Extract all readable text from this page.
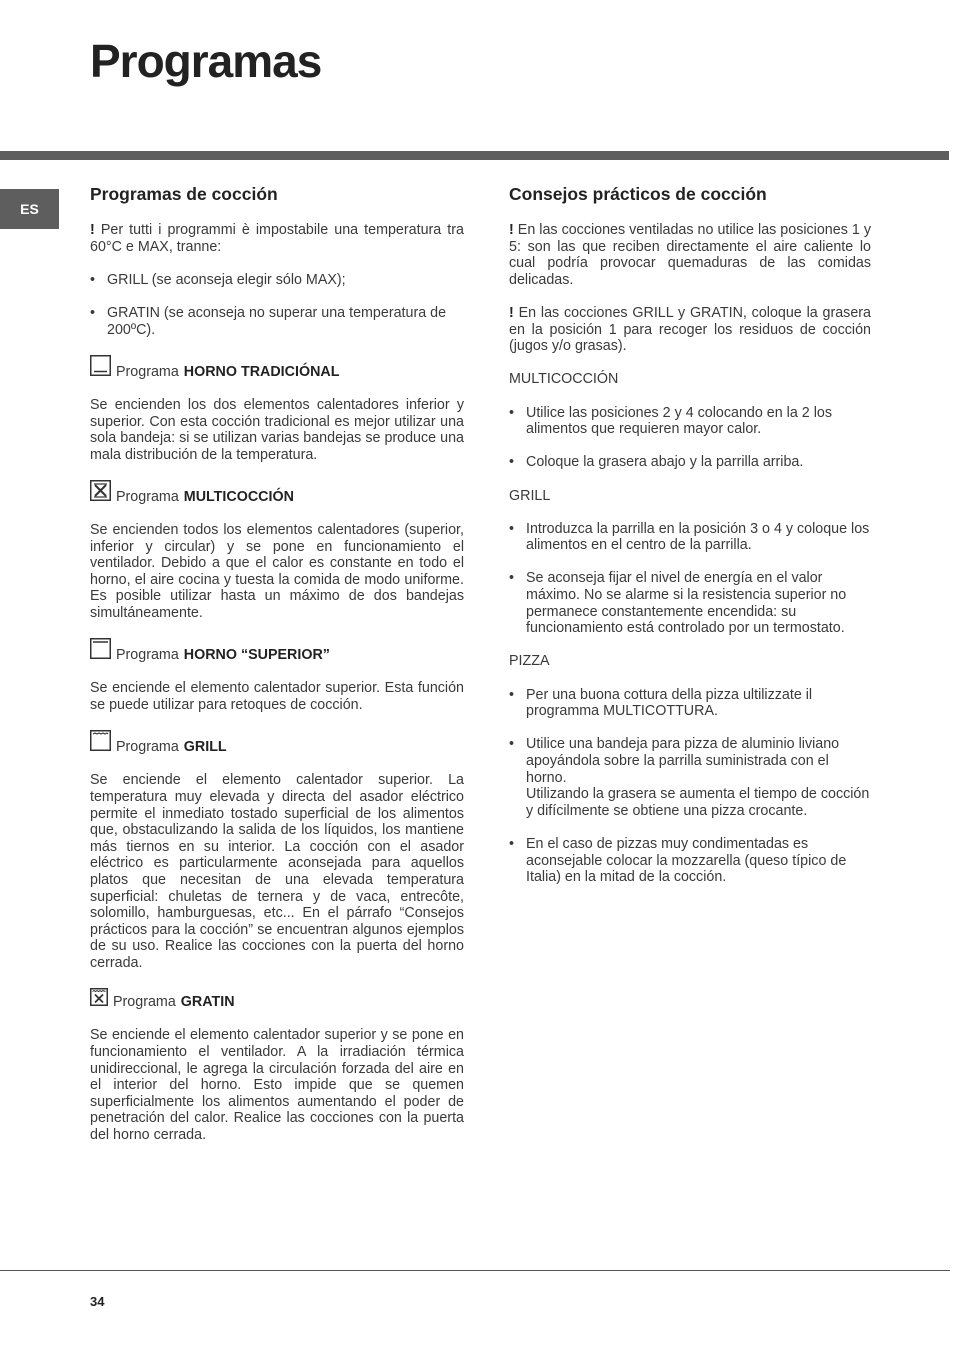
Programas
ES
Programas de cocción

! Per tutti i programmi è impostabile una temperatura tra 60°C e MAX, tranne:

• GRILL (se aconseja elegir sólo MAX);
• GRATIN (se aconseja no superar una temperatura de 200ºC).
Programa HORNO TRADICIÓNAL

Se encienden los dos elementos calentadores inferior y superior. Con esta cocción tradicional es mejor utilizar una sola bandeja: si se utilizan varias bandejas se produce una mala distribución de la temperatura.

Programa MULTICOCCIÓN

Se encienden todos los elementos calentadores (superior, inferior y circular) y se pone en funcionamiento el ventilador. Debido a que el calor es constante en todo el horno, el aire cocina y tuesta la comida de modo uniforme. Es posible utilizar hasta un máximo de dos bandejas simultáneamente.

Programa HORNO “SUPERIOR”

Se enciende el elemento calentador superior. Esta función se puede utilizar para retoques de cocción.

Programa GRILL

Se enciende el elemento calentador superior. La temperatura muy elevada y directa del asador eléctrico permite el inmediato tostado superficial de los alimentos que, obstaculizando la salida de los líquidos, los mantiene más tiernos en su interior. La cocción con el asador eléctrico es particularmente aconsejada para aquellos platos que necesitan de una elevada temperatura superficial: chuletas de ternera y de vaca, entrecôte, solomillo, hamburguesas, etc... En el párrafo “Consejos prácticos para la cocción” se encuentran algunos ejemplos de su uso. Realice las cocciones con la puerta del horno cerrada.

Programa GRATIN

Se enciende el elemento calentador superior y se pone en funcionamiento el ventilador. A la irradiación térmica unidireccional, le agrega la circulación forzada del aire en el interior del horno. Esto impide que se quemen superficialmente los alimentos aumentando el poder de penetración del calor. Realice las cocciones con la puerta del horno cerrada.

Consejos prácticos de cocción

! En las cocciones ventiladas no utilice las posiciones 1 y 5: son las que reciben directamente el aire caliente lo cual podría provocar quemaduras de las comidas delicadas.

! En las cocciones GRILL y GRATIN, coloque la grasera en la posición 1 para recoger los residuos de cocción (jugos y/o grasas).

MULTICOCCIÓN
• Utilice las posiciones 2 y 4 colocando en la 2 los alimentos que requieren mayor calor.
• Coloque la grasera abajo y la parrilla arriba.
GRILL
• Introduzca la parrilla en la posición 3 o 4 y coloque los alimentos en el centro de la parrilla.
• Se aconseja fijar el nivel de energía en el valor máximo. No se alarme si la resistencia superior no permanece constantemente encendida: su funcionamiento está controlado por un termostato.
PIZZA
• Per una buona cottura della pizza ultilizzate il programma MULTICOTTURA.
• Utilice una bandeja para pizza de aluminio liviano apoyándola sobre la parrilla suministrada con el horno.
Utilizando la grasera se aumenta el tiempo de cocción y difícilmente se obtiene una pizza crocante.
• En el caso de pizzas muy condimentadas es aconsejable colocar la mozzarella (queso típico de Italia) en la mitad de la cocción.
34
